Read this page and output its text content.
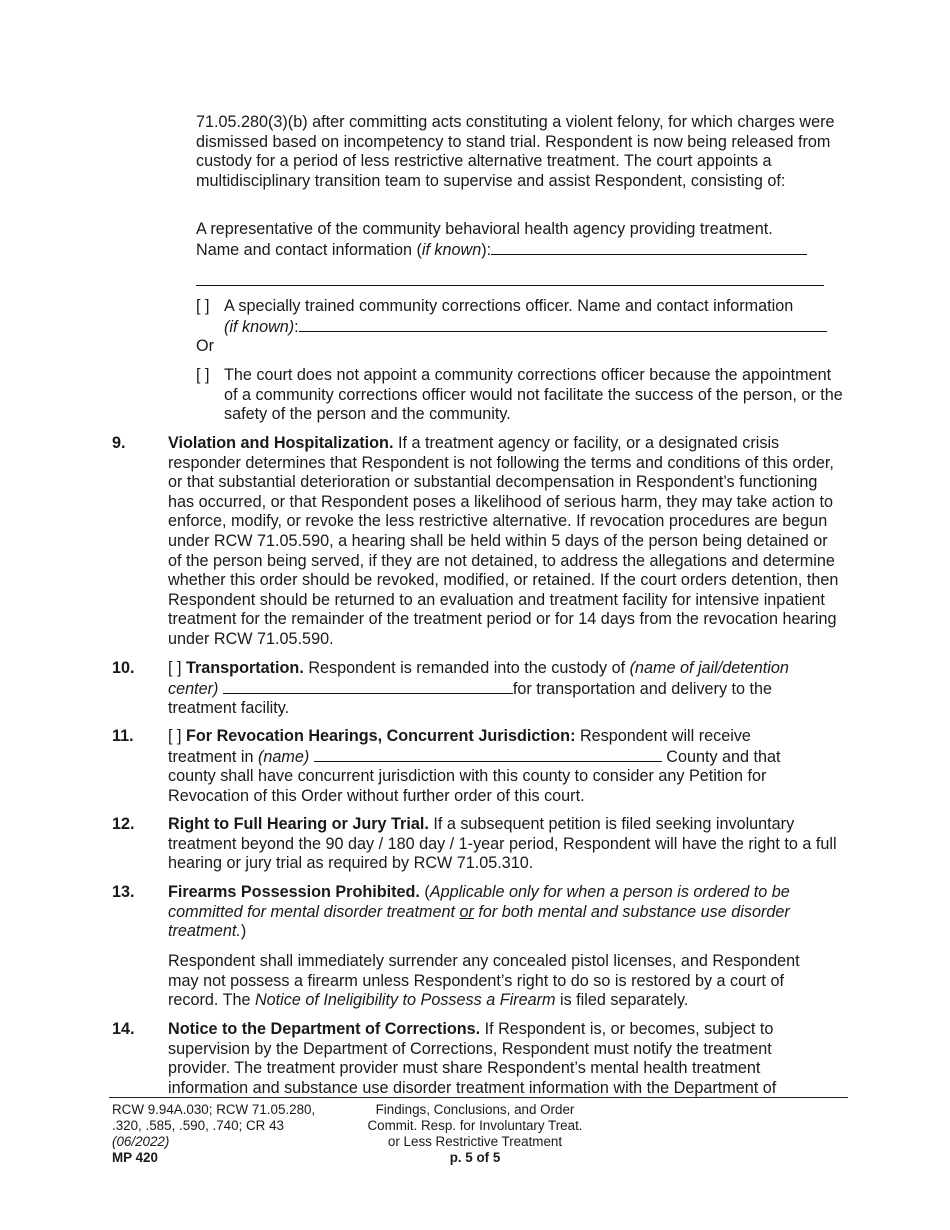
71.05.280(3)(b) after committing acts constituting a violent felony, for which charges were dismissed based on incompetency to stand trial. Respondent is now being released from custody for a period of less restrictive alternative treatment. The court appoints a multidisciplinary transition team to supervise and assist Respondent, consisting of:

A representative of the community behavioral health agency providing treatment.
Name and contact information (if known):

[ ] A specially trained community corrections officer. Name and contact information
(if known):

Or

[ ] The court does not appoint a community corrections officer because the appointment of a community corrections officer would not facilitate the success of the person, or the safety of the person and the community.

9.	Violation and Hospitalization. If a treatment agency or facility, or a designated crisis responder determines that Respondent is not following the terms and conditions of this order, or that substantial deterioration or substantial decompensation in Respondent’s functioning has occurred, or that Respondent poses a likelihood of serious harm, they may take action to enforce, modify, or revoke the less restrictive alternative. If revocation procedures are begun under RCW 71.05.590, a hearing shall be held within 5 days of the person being detained or of the person being served, if they are not detained, to address the allegations and determine whether this order should be revoked, modified, or retained. If the court orders detention, then Respondent should be returned to an evaluation and treatment facility for intensive inpatient treatment for the remainder of the treatment period or for 14 days from the revocation hearing under RCW 71.05.590.

10. [ ] Transportation. Respondent is remanded into the custody of (name of jail/detention
center)	for transportation and delivery to the
treatment facility.

11. [ ] For Revocation Hearings, Concurrent Jurisdiction: Respondent will receive
treatment in (name)	County and that
county shall have concurrent jurisdiction with this county to consider any Petition for Revocation of this Order without further order of this court.

12. Right to Full Hearing or Jury Trial. If a subsequent petition is filed seeking involuntary treatment beyond the 90 day / 180 day / 1-year period, Respondent will have the right to a full hearing or jury trial as required by RCW 71.05.310.

13. Firearms Possession Prohibited. (Applicable only for when a person is ordered to be committed for mental disorder treatment or for both mental and substance use disorder treatment.)

Respondent shall immediately surrender any concealed pistol licenses, and Respondent may not possess a firearm unless Respondent’s right to do so is restored by a court of record. The Notice of Ineligibility to Possess a Firearm is filed separately.

14. Notice to the Department of Corrections. If Respondent is, or becomes, subject to supervision by the Department of Corrections, Respondent must notify the treatment provider. The treatment provider must share Respondent’s mental health treatment information and substance use disorder treatment information with the Department of

RCW 9.94A.030; RCW 71.05.280,
.320, .585, .590, .740; CR 43
(06/2022)
MP 420
Findings, Conclusions, and Order
Commit. Resp. for Involuntary Treat.
or Less Restrictive Treatment
p. 5 of 5
